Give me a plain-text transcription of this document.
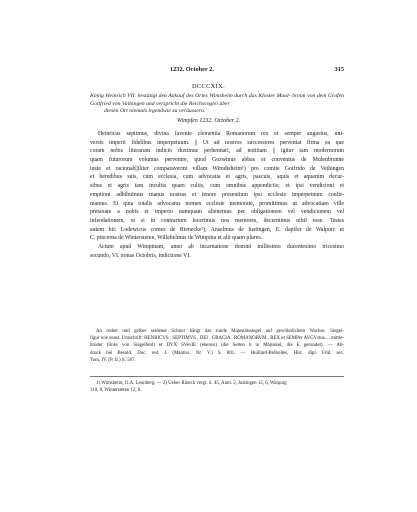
1232. October 2.	315
DCCCXIX.
König Heinrich VII. bestätigt den Ankauf des Ortes Wimsheim durch das Kloster Maul- bronn von dem Grafen Gottfried von Vaihingen und verspricht die Reichsvogtei über
diesen Ort niemals irgendwie zu veräussern.
Wimpfen 1232. October 2.
Heinricus septimus, divina favente clementia Romanorum rex et semper augustus, uni-
versis imperii fidelibus imperpetuum. || Ut ad nostros successores perveniat firma ea que
coram nobis literarum indicio duximus perhennari, ad notitiam || igitur tam modernorum
quam futurorum volumus pervenire, quod Gozwinus abbas et conventus de Mulenbrunne
iuste et racionab||iliter comparaverint villam Wimdisheim¹) pro comite Gotfrido de Veihingen
et heredibus suis, cum ecclesia, cum advocatia et agris, pascuis, aquis et aquarum decur-
sibus et agris tam incultis quam cultis, cum omnibus appendiciis; et ipsi vendicioni et
emptioni adhibuimus manus nostras et tenore presentium ipsi ecclesie imperpetuum confir-
mamus. Et quia totalis advocatus nomen ecclesie memorate, promittimus ut advocatiam ville
pretaxate a nobis et imperio numquam alienemus per obligationem vel vendicionem vel
infeodationem, et si in contrarium fecerimus nos memores, decernimus nihil esse. Testes
autem hii: Lodewicus comes de Rienecke²), Anselmus de Iustingen, E. dapifer de Walpurc et
C. pincerna de Wintersteten, Willehelmus de Wimpina et alii quam plures.
Actum apud Wimpinam, anno ab incarnatione domini millesimo ducentesimo tricesimo
secundo, VI. nonas Octobris, indictione VI.
An rother und gelber seidener Schnur hängt das runde Majestätssiegel auf gewöhnlichem Wachse. Siegel-
figur wie sonst. Umschrift: HENRICVS . SEPTIMVS . DEI . GRACIA . ROMANORVM . REX et SEMPer AVGVstus.... mittle-
brüder (links von Siegelfeld) et DVX SVevIE (ebenso) (die Seiten b in Majuskel, die E gerundet). — Ab-
druck bei Besold, Doc. red. I. (Mantiss. Nr. V.) S. 801. — Huillard-Bréholles, Hist. dipl. Frid. sec.
Tom. IV. (P. II.) S. 587.
1) Wimsheim, O.A. Leonberg. — 2) Ueber Rineck vergl. S. 45, Anm. 2, Justingen 12, 6, Walpurg
110, 8, Wintersteten 12, 8.
